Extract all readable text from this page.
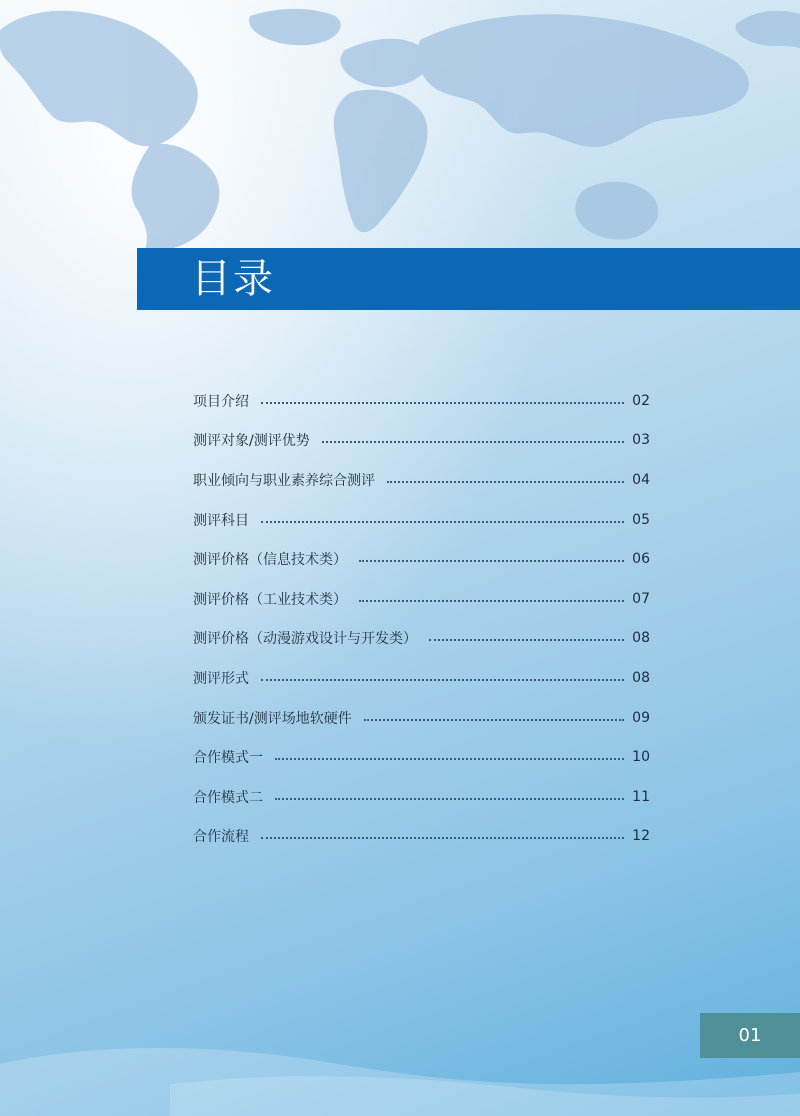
目录
项目介绍	02
测评对象/测评优势	03
职业倾向与职业素养综合测评	04
测评科目	05
测评价格（信息技术类）	06
测评价格（工业技术类）	07
测评价格（动漫游戏设计与开发类）	08
测评形式	08
颁发证书/测评场地软硬件	09
合作模式一	10
合作模式二	11
合作流程	12
01
